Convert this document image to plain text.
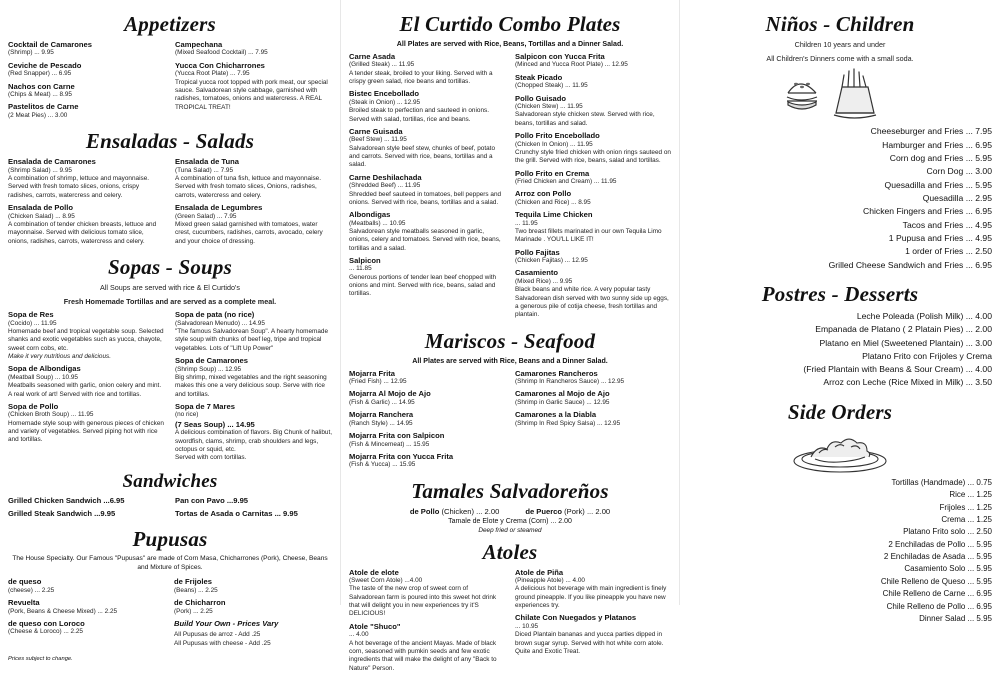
Appetizers
Cocktail de Camarones
(Shrimp) ... 9.95
Ceviche de Pescado
(Red Snapper) ... 6.95
Nachos con Carne
(Chips & Meat) ... 8.95
Pastelitos de Carne
(2 Meat Pies) ... 3.00
Campechana
(Mixed Seafood Cocktail) ... 7.95
Yucca Con Chicharrones
(Yucca Root Plate) ... 7.95
Tropical yucca root topped with pork meat, our special sauce. Salvadorean style cabbage, garnished with radishes, tomatoes, onions and watercress. A REAL TROPICAL TREAT!
Ensaladas - Salads
Ensalada de Camarones
(Shrimp Salad) ... 9.95
A combination of shrimp, lettuce and mayonnaise. Served with fresh tomato slices, onions, crispy radishes, carrots, watercress and celery.
Ensalada de Pollo
(Chicken Salad) ... 8.95
A combination of tender chicken breasts, lettuce and mayonnaise. Served with delicious tomato slice, onions, radishes, carrots, watercress and celery.
Ensalada de Tuna
(Tuna Salad) ... 7.95
A combination of tuna fish, lettuce and mayonnaise. Served with fresh tomato slices, Onions, radishes, carrots, watercress and celery.
Ensalada de Legumbres
(Green Salad) ... 7.95
Mixed green salad garnished with tomatoes, water crest, cucumbers, radishes, carrots, avocado, celery and your choice of dressing.
Sopas - Soups
All Soups are served with rice & El Curtido's
Fresh Homemade Tortillas and are served as a complete meal.
Sopa de Res
(Cocido) ... 11.95
Homemade beef and tropical vegetable soup. Selected shanks and exotic vegetables such as yucca, chayote, sweet corn cobs, etc.
Make it very nutritious and delicious.
Sopa de Albondigas
(Meatball Soup) ... 10.95
Meatballs seasoned with garlic, onion celery and mint.
A real work of art! Served with rice and tortillas.
Sopa de Pollo
(Chicken Broth Soup) ... 11.95
Homemade style soup with generous pieces of chicken and variety of vegetables. Served piping hot with rice and tortillas.
Sopa de pata (no rice)
(Salvadorean Menudo) ... 14.95
"The famous Salvadorean Soup". A hearty homemade style soup with chunks of beef leg, tripe and tropical vegetables. Lots of "Lift Up Power"
Sopa de Camarones
(Shrimp Soup) ... 12.95
Big shrimp, mixed vegetables and the right seasoning makes this one a very delicious soup. Serve with rice and tortillas.
Sopa de 7 Mares
(no rice)
(7 Seas Soup) ... 14.95
A delicious combination of flavors. Big Chunk of halibut, swordfish, clams, shrimp, crab shoulders and legs, octopus or squid, etc.
Served with corn tortillas.
Sandwiches
Grilled Chicken Sandwich ...6.95
Grilled Steak Sandwich ...9.95
Pan con Pavo ...9.95
Tortas de Asada o Carnitas ... 9.95
Pupusas
The House Specialty. Our Famous "Pupusas" are made of Corn Masa, Chicharrones (Pork), Cheese, Beans and Mixture of Spices.
de queso
(cheese) ... 2.25
Revuelta
(Pork, Beans & Cheese Mixed) ... 2.25
de queso con Loroco
(Cheese & Loroco) ... 2.25
de Frijoles
(Beans) ... 2.25
de Chicharron
(Pork) ... 2.25
Build Your Own - Prices Vary
All Pupusas de arroz - Add .25
All Pupusas with cheese - Add .25
Prices subject to change.
El Curtido Combo Plates
All Plates are served with Rice, Beans, Tortillas and a Dinner Salad.
Carne Asada
(Grilled Steak) ... 11.95
A tender steak, broiled to your liking. Served with a crispy green salad, rice beans and tortillas.
Bistec Encebollado
(Steak in Onion) ... 12.95
Broiled steak to perfection and sauteed in onions. Served with salad, tortillas, rice and beans.
Carne Guisada
(Beef Stew) ... 11.95
Salvadorean style beef stew, chunks of beef, potato and carrots. Served with rice, beans, tortillas and a salad.
Carne Deshilachada
(Shredded Beef) ... 11.95
Shredded beef sauteed in tomatoes, bell peppers and onions. Served with rice, beans, tortillas and a salad.
Albondigas
(Meatballs) ... 10.95
Salvadorean style meatballs seasoned in garlic, onions, celery and tomatoes. Served with rice, beans, tortillas and a salad.
Salpicon
... 11.85
Generous portions of tender lean beef chopped with onions and mint. Served with rice, beans, salad and tortillas.
Salpicon con Yucca Frita
(Minced and Yucca Root Plate) ... 12.95
Steak Picado
(Chopped Steak) ... 11.95
Pollo Guisado
(Chicken Stew) ... 11.95
Salvadorean style chicken stew. Served with rice, beans, tortillas and salad.
Pollo Frito Encebollado
(Chicken In Onion) ... 11.95
Crunchy style fried chicken with onion rings sauteed on the grill. Served with rice, beans, salad and tortillas.
Pollo Frito en Crema
(Fried Chicken and Cream) ... 11.95
Arroz con Pollo
(Chicken and Rice) ... 8.95
Tequila Lime Chicken
... 11.95
Two breast fillets marinated in our own Tequila Limo Marinade . YOU'LL LIKE IT!
Pollo Fajitas
(Chicken Fajitas) ... 12.95
Casamiento
(Mixed Rice) ... 9.95
Black beans and white rice. A very popular tasty Salvadorean dish served with two sunny side up eggs, a generous pile of cotija cheese, fresh tortillas and plantain.
Mariscos - Seafood
All Plates are served with Rice, Beans and a Dinner Salad.
Mojarra Frita
(Fried Fish) ... 12.95
Mojarra Al Mojo de Ajo
(Fish & Garlic) ... 14.95
Mojarra Ranchera
(Ranch Style) ... 14.95
Mojarra Frita con Salpicon
(Fish & Mincemeat) ... 15.95
Mojarra Frita con Yucca Frita
(Fish & Yucca) ... 15.95
Camarones Rancheros
(Shrimp In Rancheros Sauce) ... 12.95
Camarones al Mojo de Ajo
(Shrimp in Garlic Sauce) ... 12.95
Camarones a la Diabla
(Shrimp In Red Spicy Salsa) ... 12.95
Tamales Salvadoreños
de Pollo (Chicken) ... 2.00	de Puerco (Pork) ... 2.00
Tamale de Elote y Crema (Corn) ... 2.00
Deep fried or steamed
Atoles
Atole de elote
(Sweet Corn Atole) ...4.00
The taste of the new crop of sweet corn of Salvadorean farm is poured into this sweet hot drink that will delight you in new experiences try it'S DELICIOUS!
Atole "Shuco"
... 4.00
A hot beverage of the ancient Mayas. Made of black corn, seasoned with pumkin seeds and few exotic ingredients that will make the delight of any "Back to Nature" Person.
Atole de Piña
(Pineapple Atole) ... 4.00
A delicious hot beverage with main ingredient is finely ground pineapple. If you like pineapple you have new experiences try.
Chilate Con Nuegados y Platanos
... 10.95
Diced Plantain bananas and yucca parties dipped in brown sugar syrup. Served with hot white corn atole. Quite and Exotic Treat.
Niños - Children
Children 10 years and under
All Children's Dinners come with a small soda.
Cheeseburger and Fries ... 7.95
Hamburger and Fries ... 6.95
Corn dog and Fries ... 5.95
Corn Dog ... 3.00
Quesadilla and Fries ... 5.95
Quesadilla ... 2.95
Chicken Fingers and Fries ... 6.95
Tacos and Fries ... 4.95
1 Pupusa and Fries ... 4.95
1 order of Fries ... 2.50
Grilled Cheese Sandwich and Fries ... 6.95
Postres - Desserts
Leche Poleada (Polish Milk) ... 4.00
Empanada de Platano ( 2 Platain Pies) ... 2.00
Platano en Miel (Sweetened Plantain) ... 3.00
Platano Frito con Frijoles y Crema
(Fried Plantain with Beans & Sour Cream) ... 4.00
Arroz con Leche (Rice Mixed in Milk) ... 3.50
Side Orders
Tortillas (Handmade) ... 0.75
Rice ... 1.25
Frijoles ... 1.25
Crema ... 1.25
Platano Frito solo ... 2.50
2 Enchiladas de Pollo ... 5.95
2 Enchiladas de Asada ... 5.95
Casamiento Solo ... 5.95
Chile Relleno de Queso ... 5.95
Chile Relleno de Carne ... 6.95
Chile Relleno de Pollo ... 6.95
Dinner Salad ... 5.95
